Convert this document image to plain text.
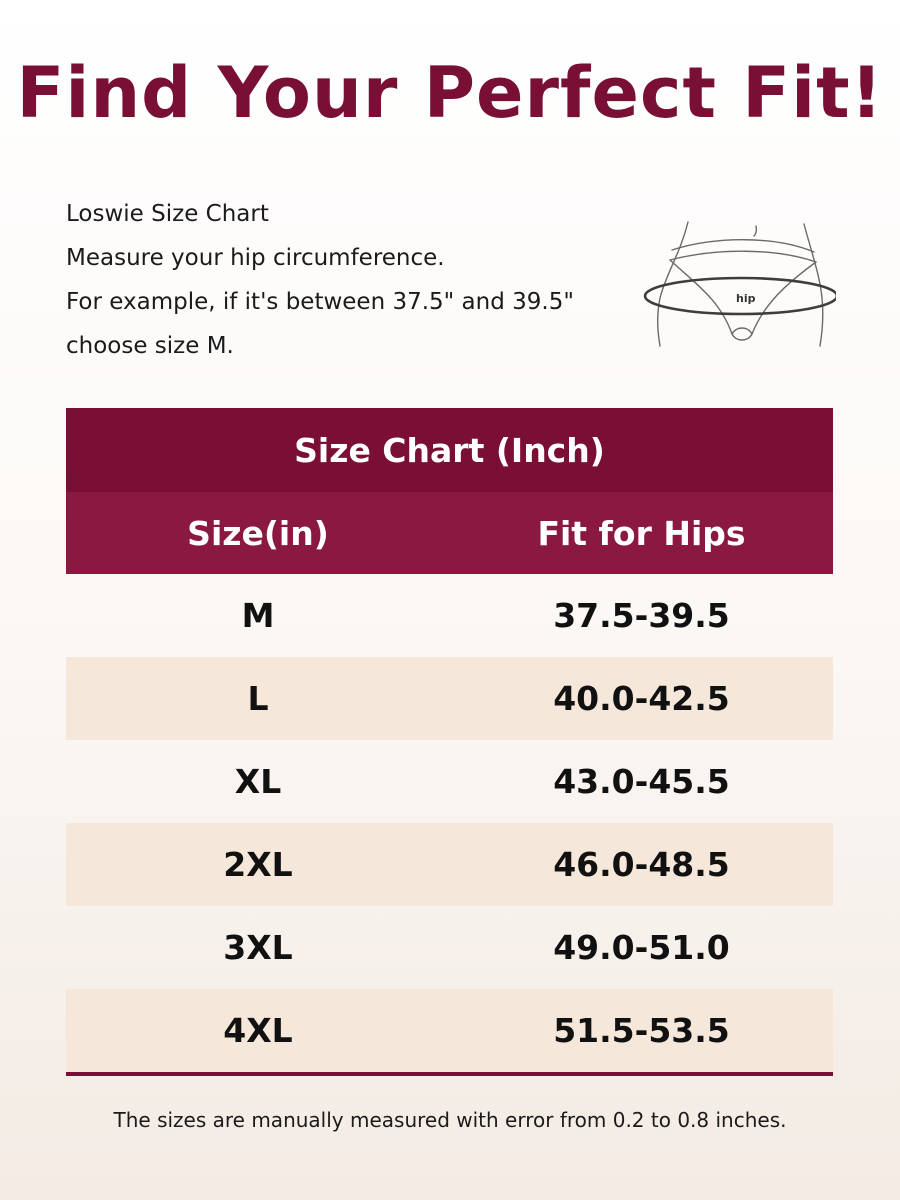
Find Your Perfect Fit!
Loswie Size Chart
Measure your hip circumference.
For example, if it's between 37.5" and 39.5"
choose size M.
hip
Size Chart (Inch)
Size(in)	Fit for Hips
M	37.5-39.5
L	40.0-42.5
XL	43.0-45.5
2XL	46.0-48.5
3XL	49.0-51.0
4XL	51.5-53.5
The sizes are manually measured with error from 0.2 to 0.8 inches.
